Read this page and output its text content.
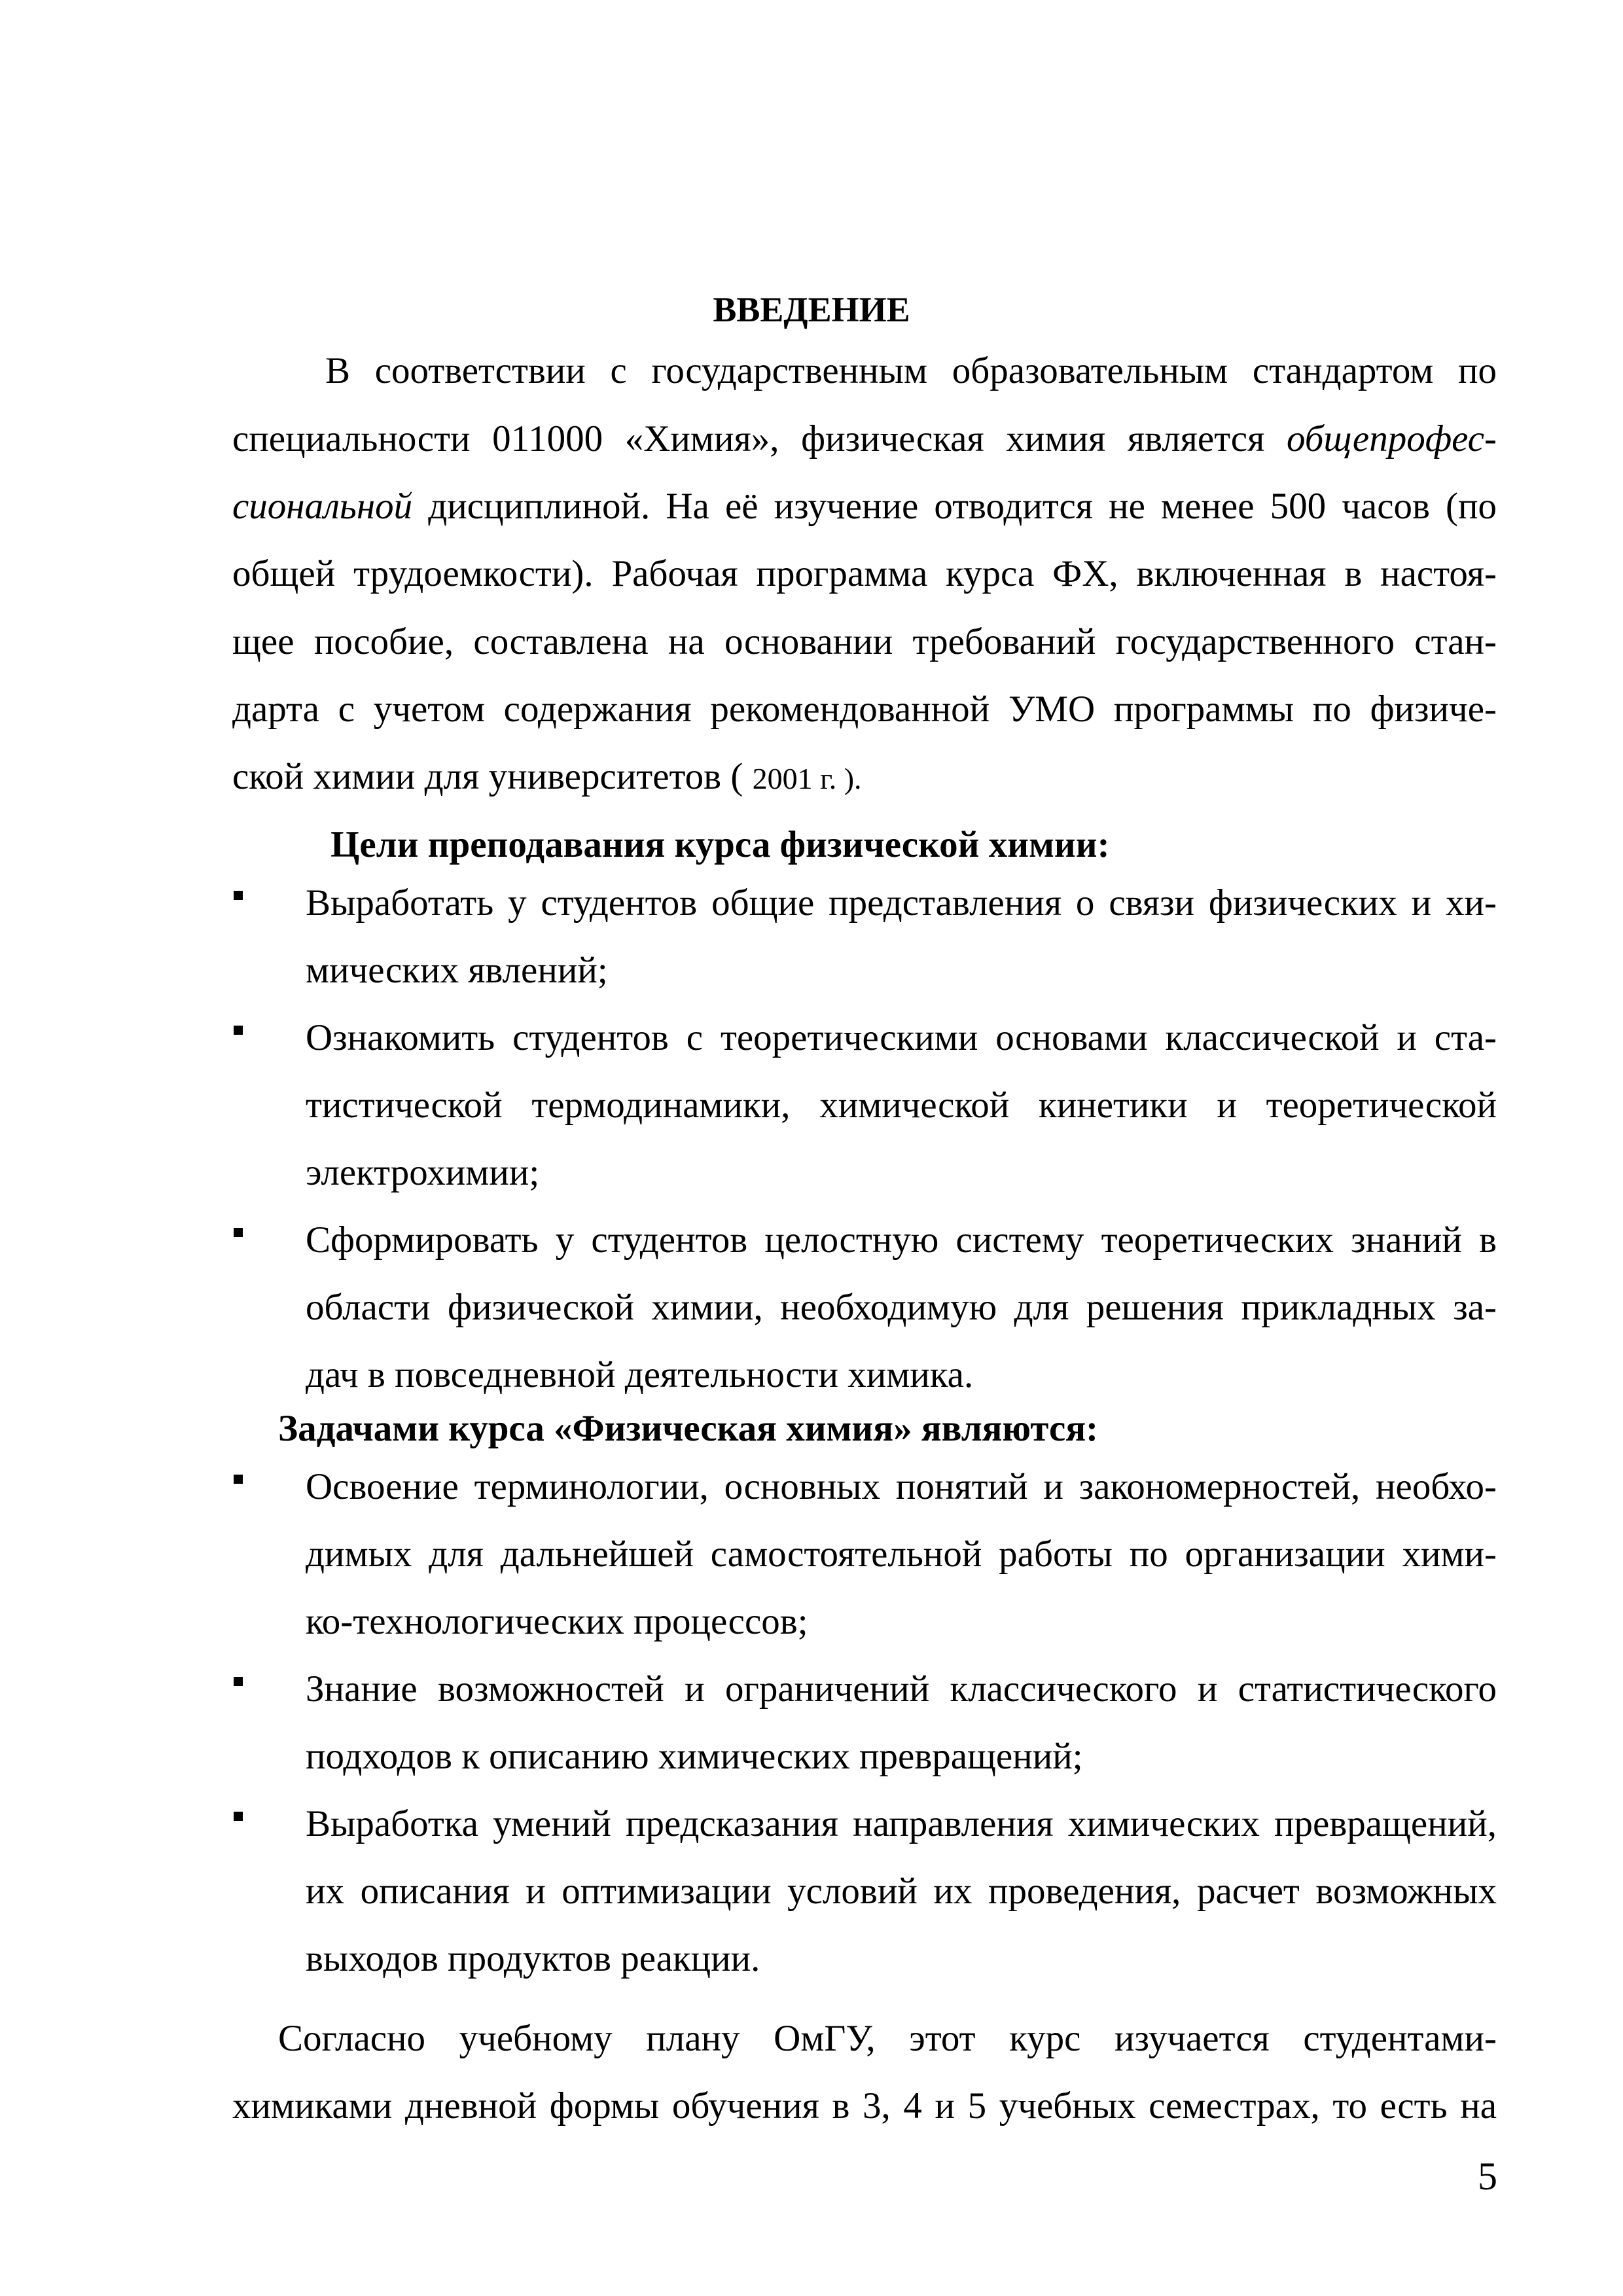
ВВЕДЕНИЕ
В соответствии с государственным образовательным стандартом по
специальности 011000 «Химия», физическая химия является общепрофес-
сиональной дисциплиной. На её изучение отводится не менее 500 часов (по
общей трудоемкости). Рабочая программа курса ФХ, включенная в настоя-
щее пособие, составлена на основании требований государственного стан-
дарта с учетом содержания рекомендованной УМО программы по физиче-
ской химии для университетов ( 2001 г. ).
Цели преподавания курса физической химии:
Выработать у студентов общие представления о связи физических и хи-
мических явлений;
Ознакомить студентов с теоретическими основами классической и ста-
тистической термодинамики, химической кинетики и теоретической
электрохимии;
Сформировать у студентов целостную систему теоретических знаний в
области физической химии, необходимую для решения прикладных за-
дач в повседневной деятельности химика.
Задачами курса «Физическая химия» являются:
Освоение терминологии, основных понятий и закономерностей, необхо-
димых для дальнейшей самостоятельной работы по организации хими-
ко-технологических процессов;
Знание возможностей и ограничений классического и статистического
подходов к описанию химических превращений;
Выработка умений предсказания направления химических превращений,
их описания и оптимизации условий их проведения, расчет возможных
выходов продуктов реакции.
Согласно учебному плану ОмГУ, этот курс изучается студентами-
химиками дневной формы обучения в 3, 4 и 5 учебных семестрах, то есть на
5
